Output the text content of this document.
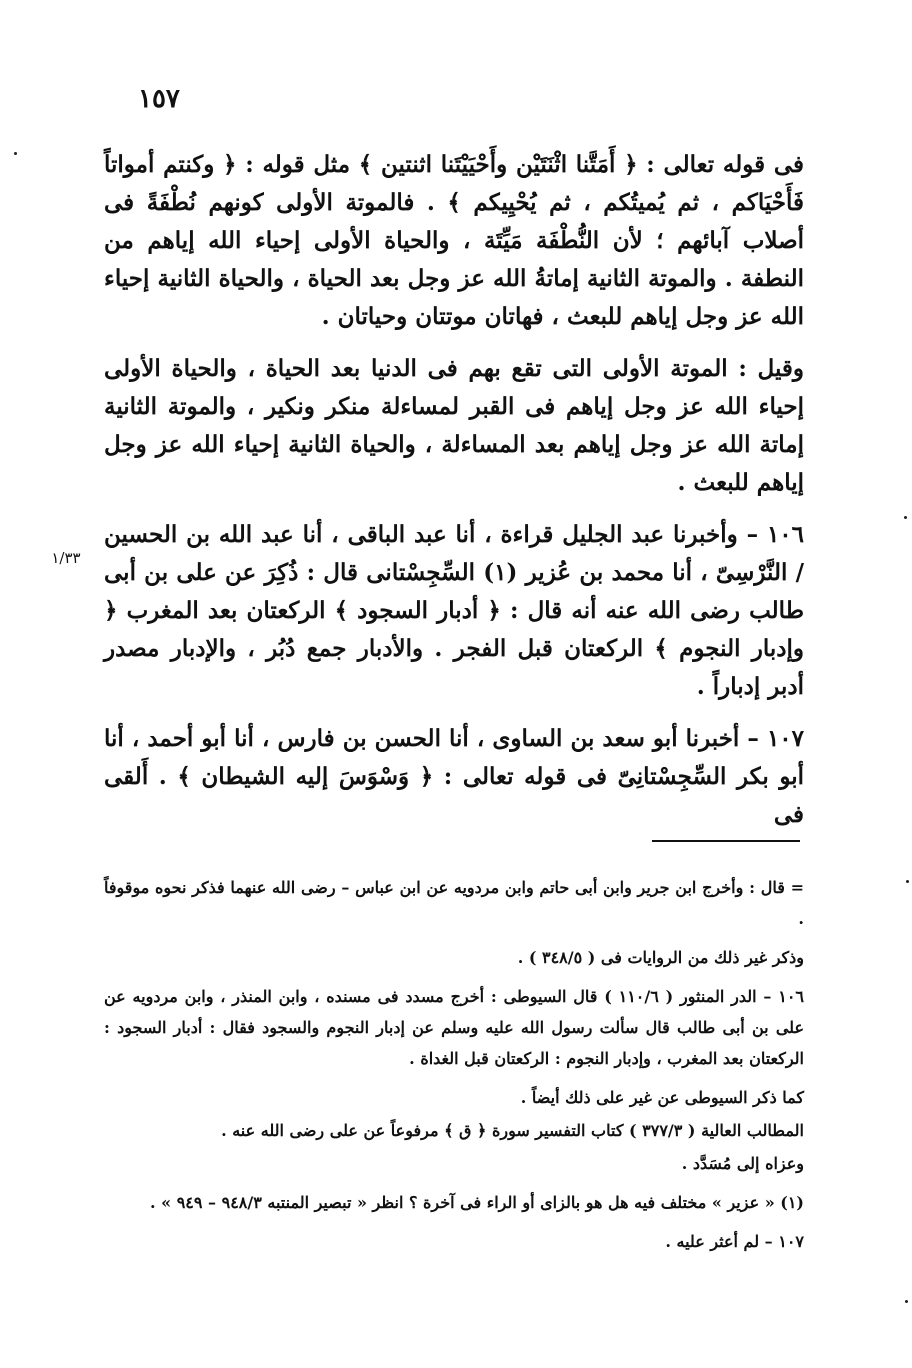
١٥٧

فى قوله تعالى : ﴿ أَمَتَّنا اثْنَتَيْن وأَحْيَيْتَنا اثنتين ﴾ مثل قوله : ﴿ وكنتم أمواتاً فَأَحْيَاكم ، ثم يُميتُكم ، ثم يُحْيِيكم ﴾ . فالموتة الأولى كونهم نُطْفَةً فى أصلاب آبائهم ؛ لأن النُّطْفَة مَيِّتَة ، والحياة الأولى إحياء الله إياهم من النطفة . والموتة الثانية إماتةُ الله عز وجل بعد الحياة ، والحياة الثانية إحياء الله عز وجل إياهم للبعث ، فهاتان موتتان وحياتان .

وقيل : الموتة الأولى التى تقع بهم فى الدنيا بعد الحياة ، والحياة الأولى إحياء الله عز وجل إياهم فى القبر لمساءلة منكر ونكير ، والموتة الثانية إماتة الله عز وجل إياهم بعد المساءلة ، والحياة الثانية إحياء الله عز وجل إياهم للبعث .

١٠٦ – وأخبرنا عبد الجليل قراءة ، أنا عبد الباقى ، أنا عبد الله بن الحسين / النَّرْسِىّ ، أنا محمد بن عُزير (١) السِّجِسْتانى قال : ذُكِرَ عن على بن أبى طالب رضى الله عنه أنه قال : ﴿ أدبار السجود ﴾ الركعتان بعد المغرب ﴿ وإدبار النجوم ﴾ الركعتان قبل الفجر . والأدبار جمع دُبُر ، والإدبار مصدر أدبر إدباراً .

١٠٧ – أخبرنا أبو سعد بن الساوى ، أنا الحسن بن فارس ، أنا أبو أحمد ، أنا أبو بكر السِّجِسْتانِىّ فى قوله تعالى : ﴿ وَسْوَسَ إليه الشيطان ﴾ . أَلقى فى

١/٣٣

= قال : وأخرج ابن جرير وابن أبى حاتم وابن مردويه عن ابن عباس – رضى الله عنهما فذكر نحوه موقوفاً .

وذكر غير ذلك من الروايات فى ( ٣٤٨/٥ ) .

١٠٦ – الدر المنثور ( ١١٠/٦ ) قال السيوطى : أخرج مسدد فى مسنده ، وابن المنذر ، وابن مردويه عن على بن أبى طالب قال سألت رسول الله عليه وسلم عن إدبار النجوم والسجود فقال : أدبار السجود : الركعتان بعد المغرب ، وإدبار النجوم : الركعتان قبل الغداة .

كما ذكر السيوطى عن غير على ذلك أيضاً .

المطالب العالية ( ٣٧٧/٣ ) كتاب التفسير سورة ﴿ ق ﴾ مرفوعاً عن على رضى الله عنه .

وعزاه إلى مُسَدَّد .

(١) « عزير » مختلف فيه هل هو بالزاى أو الراء فى آخرة ؟ انظر « تبصير المنتبه ٩٤٨/٣ – ٩٤٩ » .

١٠٧ – لم أعثر عليه .
